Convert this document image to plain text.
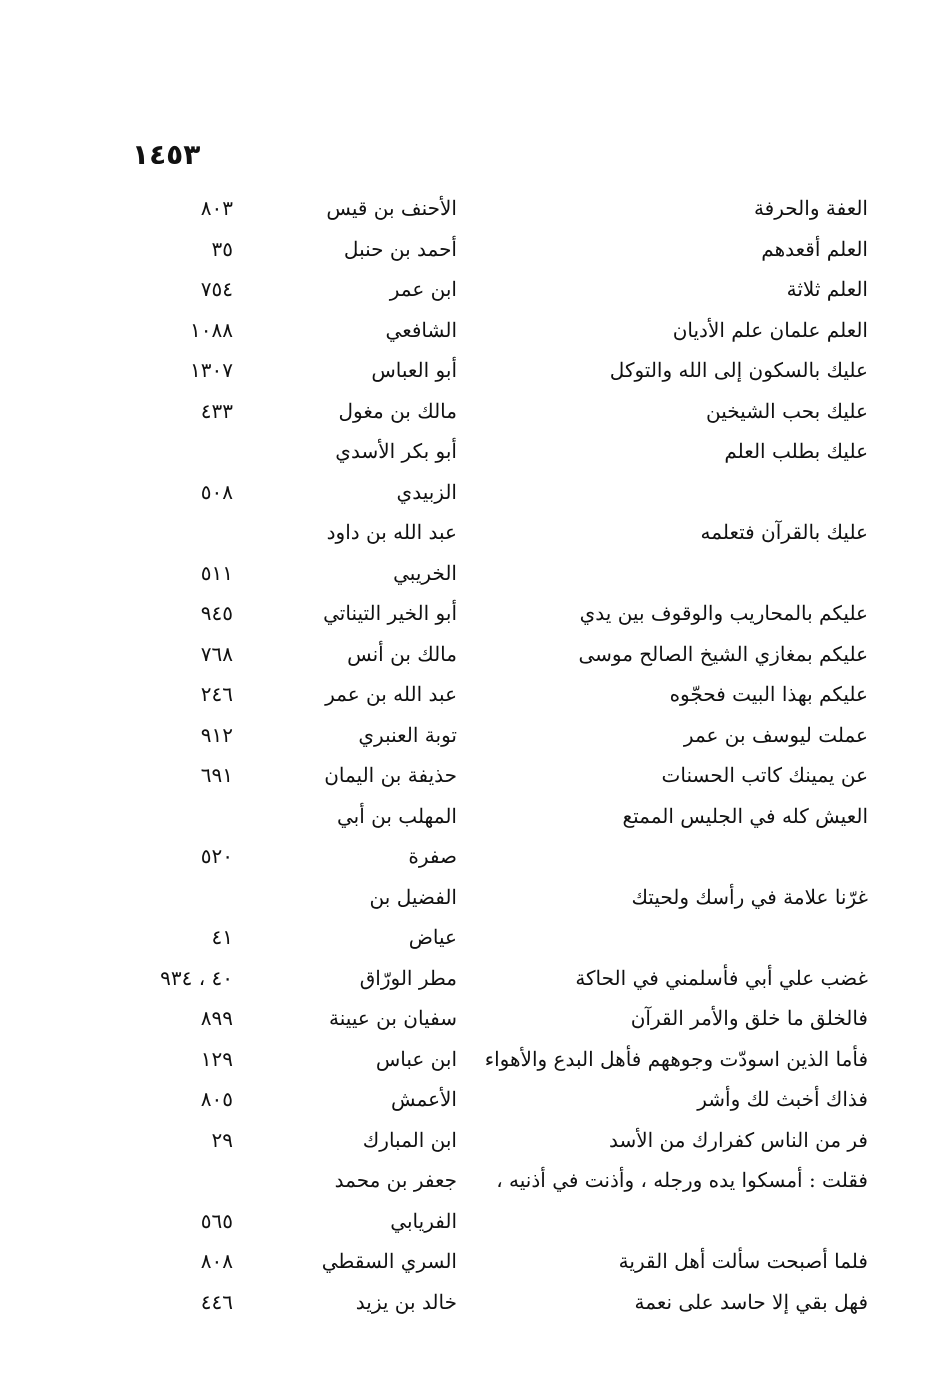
١٤٥٣
العفة والحرفة
الأحنف بن قيس
٨٠٣
العلم أقعدهم
أحمد بن حنبل
٣٥
العلم ثلاثة
ابن عمر
٧٥٤
العلم علمان علم الأديان
الشافعي
١٠٨٨
عليك بالسكون إلى الله والتوكل
أبو العباس
١٣٠٧
عليك بحب الشيخين
مالك بن مغول
٤٣٣
عليك بطلب العلم
أبو بكر الأسدي
الزبيدي
٥٠٨
عليك بالقرآن فتعلمه
عبد الله بن داود
الخريبي
٥١١
عليكم بالمحاريب والوقوف بين يدي
أبو الخير التيناتي
٩٤٥
عليكم بمغازي الشيخ الصالح موسى
مالك بن أنس
٧٦٨
عليكم بهذا البيت فحجّوه
عبد الله بن عمر
٢٤٦
عملت ليوسف بن عمر
توبة العنبري
٩١٢
عن يمينك كاتب الحسنات
حذيفة بن اليمان
٦٩١
العيش كله في الجليس الممتع
المهلب بن أبي
صفرة
٥٢٠
غرّنا علامة في رأسك ولحيتك
الفضيل بن
عياض
٤١
غضب علي أبي فأسلمني في الحاكة
مطر الورّاق
٤٠ ، ٩٣٤
فالخلق ما خلق والأمر القرآن
سفيان بن عيينة
٨٩٩
فأما الذين اسودّت وجوههم فأهل البدع والأهواء
ابن عباس
١٢٩
فذاك أخبث لك وأشر
الأعمش
٨٠٥
فر من الناس كفرارك من الأسد
ابن المبارك
٢٩
فقلت : أمسكوا يده ورجله ، وأذنت في أذنيه ،
جعفر بن محمد
الفريابي
٥٦٥
فلما أصبحت سألت أهل القرية
السري السقطي
٨٠٨
فهل بقي إلا حاسد على نعمة
خالد بن يزيد
٤٤٦
